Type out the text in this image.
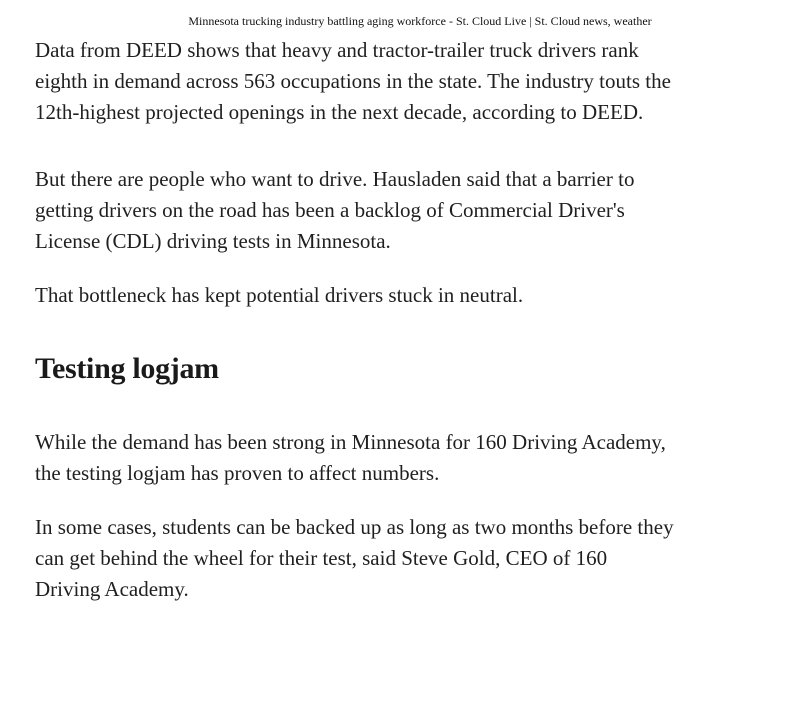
Minnesota trucking industry battling aging workforce - St. Cloud Live | St. Cloud news, weather

Data from DEED shows that heavy and tractor-trailer truck drivers rank eighth in demand across 563 occupations in the state. The industry touts the 12th-highest projected openings in the next decade, according to DEED.

But there are people who want to drive. Hausladen said that a barrier to getting drivers on the road has been a backlog of Commercial Driver's License (CDL) driving tests in Minnesota.

That bottleneck has kept potential drivers stuck in neutral.

Testing logjam

While the demand has been strong in Minnesota for 160 Driving Academy, the testing logjam has proven to affect numbers.

In some cases, students can be backed up as long as two months before they can get behind the wheel for their test, said Steve Gold, CEO of 160 Driving Academy.
